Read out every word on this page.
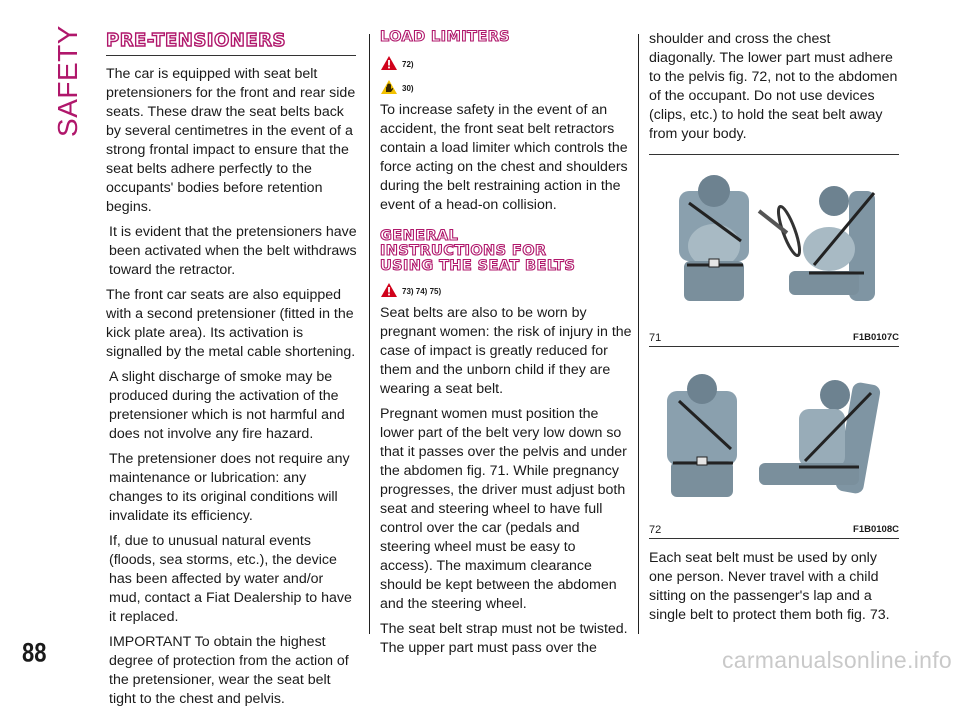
SAFETY PRE-TENSIONERS

The car is equipped with seat belt pretensioners for the front and rear side seats. These draw the seat belts back by several centimetres in the event of a strong frontal impact to ensure that the seat belts adhere perfectly to the occupants' bodies before retention begins.

It is evident that the pretensioners have been activated when the belt withdraws toward the retractor.

The front car seats are also equipped with a second pretensioner (fitted in the kick plate area). Its activation is signalled by the metal cable shortening.

A slight discharge of smoke may be produced during the activation of the pretensioner which is not harmful and does not involve any fire hazard.

The pretensioner does not require any maintenance or lubrication: any changes to its original conditions will invalidate its efficiency.

If, due to unusual natural events (floods, sea storms, etc.), the device has been affected by water and/or mud, contact a Fiat Dealership to have it replaced.

IMPORTANT To obtain the highest degree of protection from the action of the pretensioner, wear the seat belt tight to the chest and pelvis.

LOAD LIMITERS
72)
30)

To increase safety in the event of an accident, the front seat belt retractors contain a load limiter which controls the force acting on the chest and shoulders during the belt restraining action in the event of a head-on collision.

GENERAL
INSTRUCTIONS FOR
USING THE SEAT BELTS
73) 74) 75)

Seat belts are also to be worn by pregnant women: the risk of injury in the case of impact is greatly reduced for them and the unborn child if they are wearing a seat belt.

Pregnant women must position the lower part of the belt very low down so that it passes over the pelvis and under the abdomen fig. 71. While pregnancy progresses, the driver must adjust both seat and steering wheel to have full control over the car (pedals and steering wheel must be easy to access). The maximum clearance should be kept between the abdomen and the steering wheel.

The seat belt strap must not be twisted. The upper part must pass over the

shoulder and cross the chest diagonally. The lower part must adhere to the pelvis fig. 72, not to the abdomen of the occupant. Do not use devices (clips, etc.) to hold the seat belt away from your body.

71	F1B0107C
72	F1B0108C

Each seat belt must be used by only one person. Never travel with a child sitting on the passenger's lap and a single belt to protect them both fig. 73.

88	carmanualsonline.info
